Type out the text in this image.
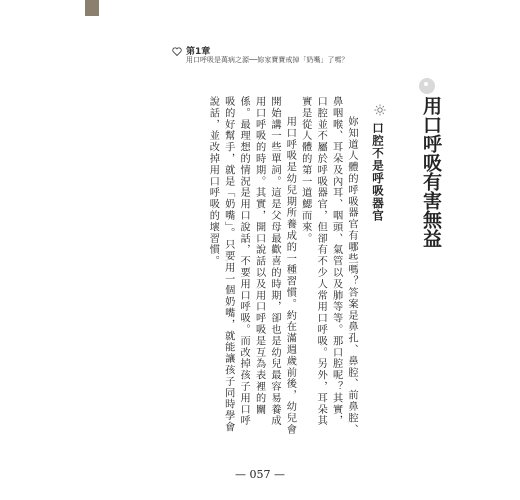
第1章
用口呼吸是萬病之源──妳家寶寶戒掉「奶嘴」了嗎？
用口呼吸有害無益
口腔不是呼吸器官

妳知道人體的呼吸器官有哪些嗎？答案是鼻孔、鼻腔、前鼻腔、鼻咽喉、耳朵及內耳、咽頭、氣管以及肺等等。那口腔呢？其實，口腔並不屬於呼吸器官，但卻有不少人常用口呼吸。另外，耳朵其實是從人體的第一道鰓而來。

用口呼吸是幼兒期所養成的一種習慣。約在滿週歲前後，幼兒會開始講一些單詞。這是父母最歡喜的時期，卻也是幼兒最容易養成用口呼吸的時期。其實，開口說話以及用口呼吸是互為表裡的關係。最理想的情況是用口說話，不要用口呼吸。而改掉孩子用口呼吸的好幫手，就是「奶嘴」。只要用一個奶嘴，就能讓孩子同時學會說話，並改掉用口呼吸的壞習慣。

— 057 —
